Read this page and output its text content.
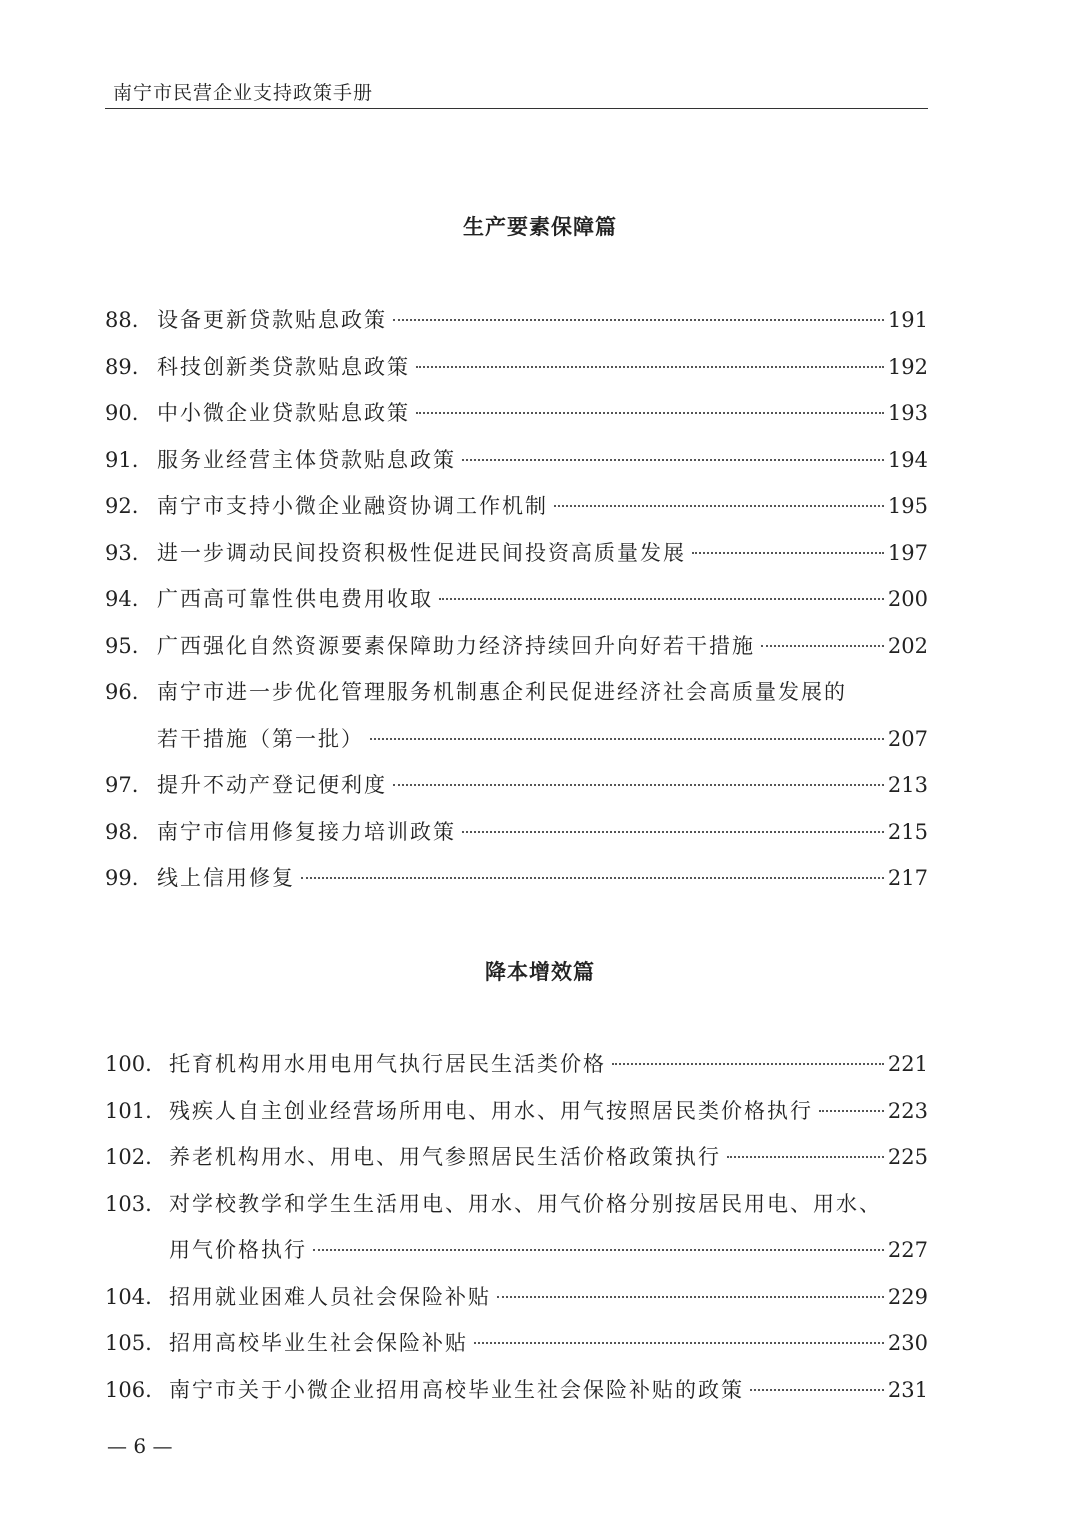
南宁市民营企业支持政策手册
生产要素保障篇
88. 设备更新贷款贴息政策	191
89. 科技创新类贷款贴息政策	192
90. 中小微企业贷款贴息政策	193
91. 服务业经营主体贷款贴息政策	194
92. 南宁市支持小微企业融资协调工作机制	195
93. 进一步调动民间投资积极性促进民间投资高质量发展	197
94. 广西高可靠性供电费用收取	200
95. 广西强化自然资源要素保障助力经济持续回升向好若干措施	202
96. 南宁市进一步优化管理服务机制惠企利民促进经济社会高质量发展的
若干措施（第一批）	207
97. 提升不动产登记便利度	213
98. 南宁市信用修复接力培训政策	215
99. 线上信用修复	217
降本增效篇
100. 托育机构用水用电用气执行居民生活类价格	221
101. 残疾人自主创业经营场所用电、用水、用气按照居民类价格执行	223
102. 养老机构用水、用电、用气参照居民生活价格政策执行	225
103. 对学校教学和学生生活用电、用水、用气价格分别按居民用电、用水、
用气价格执行	227
104. 招用就业困难人员社会保险补贴	229
105. 招用高校毕业生社会保险补贴	230
106. 南宁市关于小微企业招用高校毕业生社会保险补贴的政策	231
— 6 —
